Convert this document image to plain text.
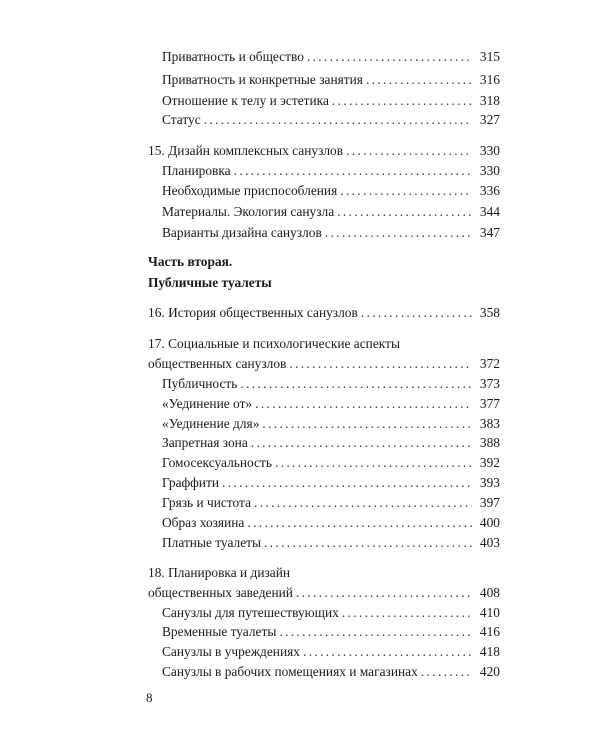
Приватность и общество . . .	315
Приватность и конкретные занятия . . .	316
Отношение к телу и эстетика . . .	318
Статус . . .	327
15. Дизайн комплексных санузлов . . .	330
Планировка . . .	330
Необходимые приспособления . . .	336
Материалы. Экология санузла . . .	344
Варианты дизайна санузлов . . .	347
Часть вторая.
Публичные туалеты
16. История общественных санузлов . . .	358
17. Социальные и психологические аспекты
общественных санузлов . . .	372
Публичность . . .	373
«Уединение от» . . .	377
«Уединение для» . . .	383
Запретная зона . . .	388
Гомосексуальность . . .	392
Граффити . . .	393
Грязь и чистота . . .	397
Образ хозяина . . .	400
Платные туалеты . . .	403
18. Планировка и дизайн
общественных заведений . . .	408
Санузлы для путешествующих . . .	410
Временные туалеты . . .	416
Санузлы в учреждениях . . .	418
Санузлы в рабочих помещениях и магазинах . . .	420
8
